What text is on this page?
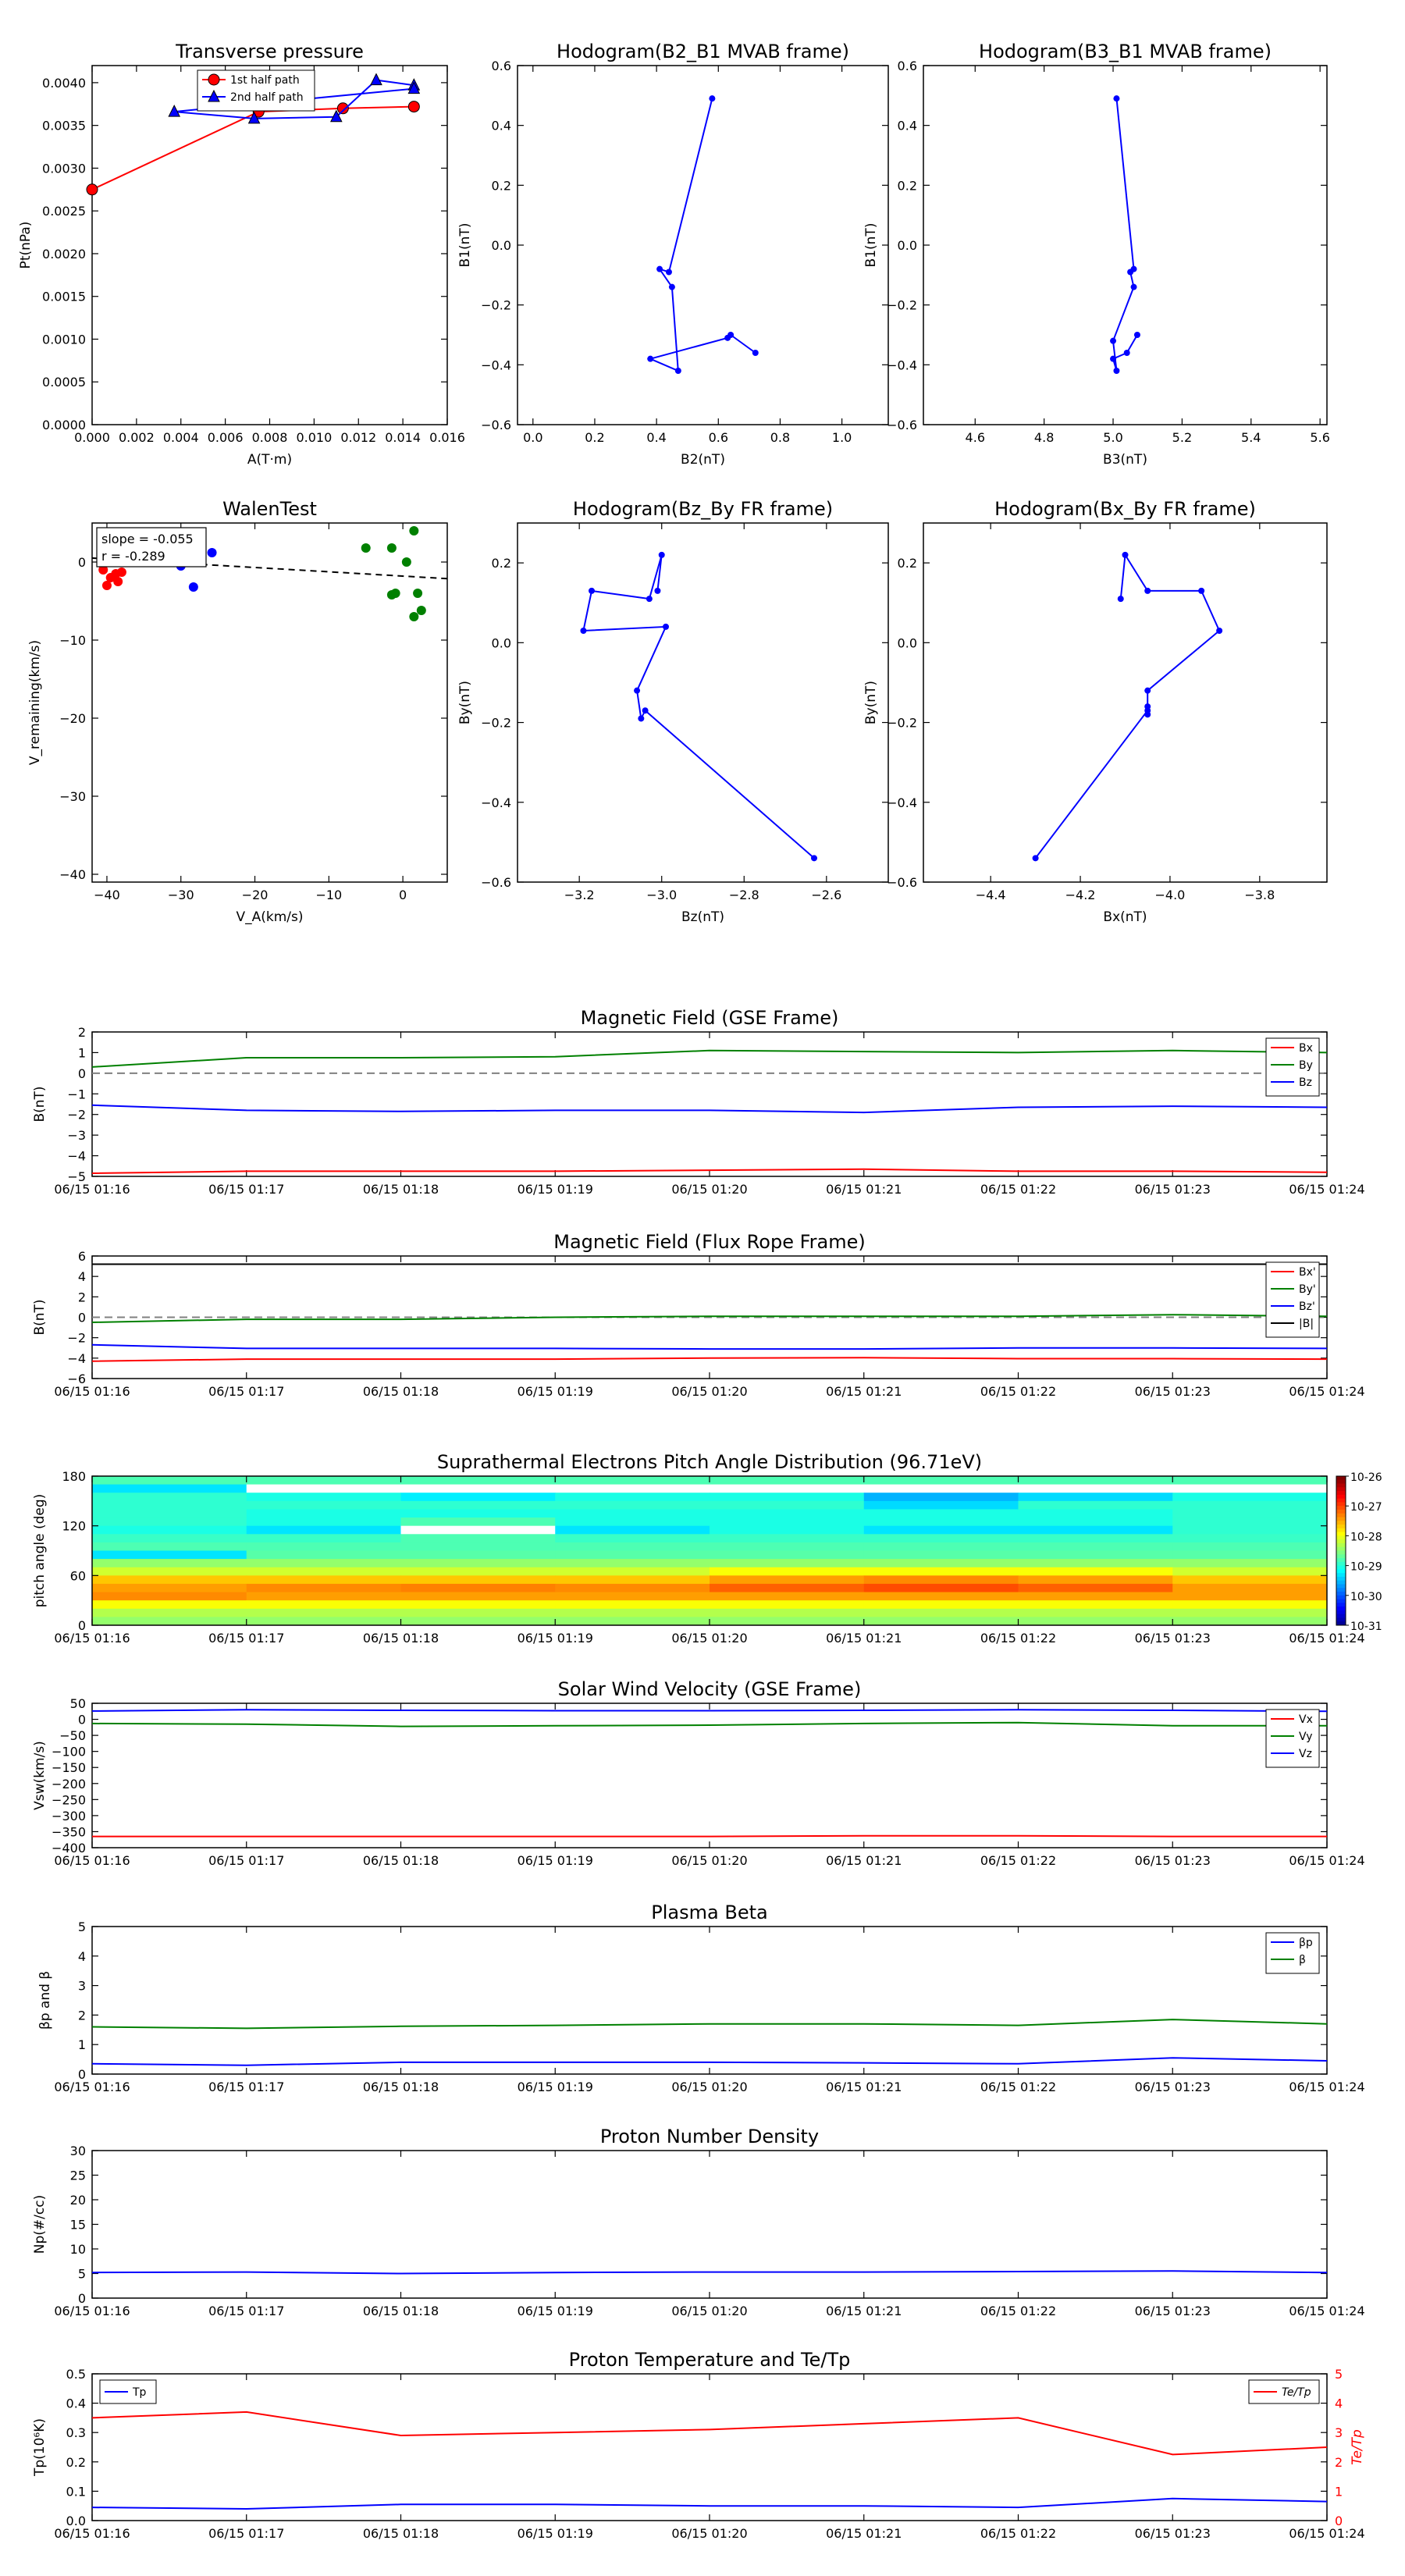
Transverse pressure
A(T·m)
Pt(nPa)
0.0000
0.0005
0.0010
0.0015
0.0020
0.0025
0.0030
0.0035
0.0040
0.000 0.002 0.004 0.006 0.008 0.010 0.012 0.014 0.016
1st half path
2nd half path
Hodogram(B2_B1 MVAB frame)
B2(nT)
B1(nT)
−0.6
−0.4
−0.2
0.0
0.2
0.4
0.6
0.0	0.2	0.4	0.6	0.8	1.0
Hodogram(B3_B1 MVAB frame)
B3(nT)
B1(nT)
−0.6
−0.4
−0.2
0.0
0.2
0.4
0.6
4.6	4.8	5.0	5.2	5.4	5.6
WalenTest
−40
−30
−20
−10
0
−40	−30	−20	−10	0
V_remaining(km/s)
V_A(km/s)
slope = -0.055
r = -0.289
Hodogram(Bz_By FR frame)
Bz(nT)
By(nT)
−0.6
−0.4
−0.2
0.0
0.2
−3.2	−3.0	−2.8	−2.6
Hodogram(Bx_By FR frame)
Bx(nT)
By(nT)
−0.6
−0.4
−0.2
0.0
0.2
−4.4	−4.2	−4.0	−3.8
Magnetic Field (GSE Frame)
B(nT)
−5
−4
−3
−2
−1
0
1
2
06/15 01:16	06/15 01:17	06/15 01:18	06/15 01:19	06/15 01:20	06/15 01:21	06/15 01:22	06/15 01:23	06/15 01:24
Bx
By
Bz
Magnetic Field (Flux Rope Frame)
B(nT)
−6
−4
−2
0
2
4
6
06/15 01:16	06/15 01:17	06/15 01:18	06/15 01:19	06/15 01:20	06/15 01:21	06/15 01:22	06/15 01:23	06/15 01:24
Bx'
By'
Bz'
|B|
Solar Wind Velocity (GSE Frame)
Vsw(km/s)
−400
−350
−300
−250
−200
−150
−100
−50
0
50
06/15 01:16	06/15 01:17	06/15 01:18	06/15 01:19	06/15 01:20	06/15 01:21	06/15 01:22	06/15 01:23	06/15 01:24
Vx
Vy
Vz
Plasma Beta
0
1
2
3
4
5
06/15 01:16	06/15 01:17	06/15 01:18	06/15 01:19	06/15 01:20	06/15 01:21	06/15 01:22	06/15 01:23	06/15 01:24
βp and β
βp
β
Proton Number Density
Np(#/cc)
0
5
10
15
20
25
30
06/15 01:16	06/15 01:17	06/15 01:18	06/15 01:19	06/15 01:20	06/15 01:21	06/15 01:22	06/15 01:23	06/15 01:24
Proton Temperature and Te/Tp
0.0
0.1
0.2
0.3
0.4
0.5
06/15 01:16	06/15 01:17	06/15 01:18	06/15 01:19	06/15 01:20	06/15 01:21	06/15 01:22	06/15 01:23	06/15 01:24
Tp(10⁶K)
0
1
2
3
4
5
Te/Tp
Tp	Te/Tp
Suprathermal Electrons Pitch Angle Distribution (96.71eV)
pitch angle (deg)
0
60
120
180
06/15 01:16	06/15 01:17	06/15 01:18	06/15 01:19	06/15 01:20	06/15 01:21	06/15 01:22	06/15 01:23	06/15 01:24
10-26
10-27
10-28
10-29
10-30
10-31
